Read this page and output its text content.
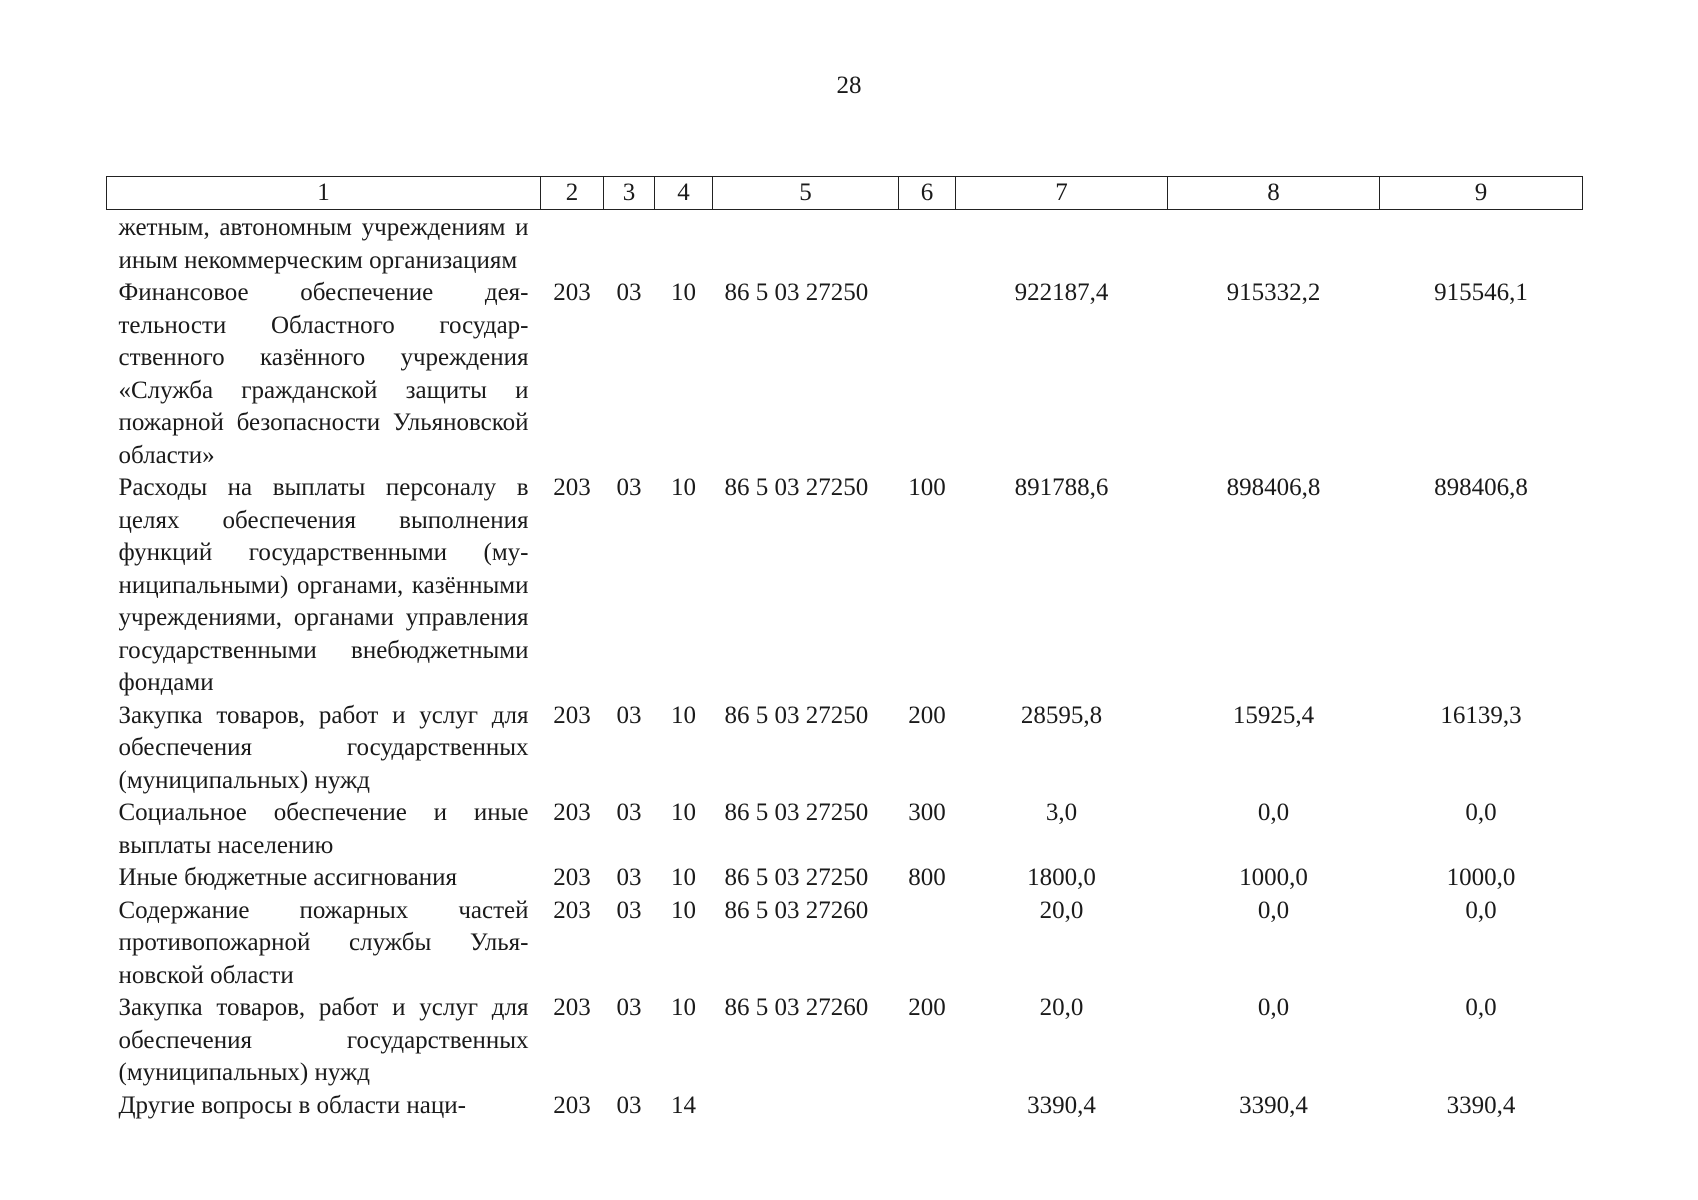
28
1	2	3	4	5	6	7	8	9
жетным, автономным учреждениям и иным некоммерческим организациям								
Финансовое обеспечение деятельности Областного государственного казённого учреждения «Служба гражданской защиты и пожарной безопасности Ульяновской области»	203	03	10	86 5 03 27250		922187,4	915332,2	915546,1
Расходы на выплаты персоналу в целях обеспечения выполнения функций государственными (муниципальными) органами, казёнными учреждениями, органами управления государственными внебюджетными фондами	203	03	10	86 5 03 27250	100	891788,6	898406,8	898406,8
Закупка товаров, работ и услуг для обеспечения государственных (муниципальных) нужд	203	03	10	86 5 03 27250	200	28595,8	15925,4	16139,3
Социальное обеспечение и иные выплаты населению	203	03	10	86 5 03 27250	300	3,0	0,0	0,0
Иные бюджетные ассигнования	203	03	10	86 5 03 27250	800	1800,0	1000,0	1000,0
Содержание пожарных частей противопожарной службы Ульяновской области	203	03	10	86 5 03 27260		20,0	0,0	0,0
Закупка товаров, работ и услуг для обеспечения государственных (муниципальных) нужд	203	03	10	86 5 03 27260	200	20,0	0,0	0,0
Другие вопросы в области наци-	203	03	14			3390,4	3390,4	3390,4
